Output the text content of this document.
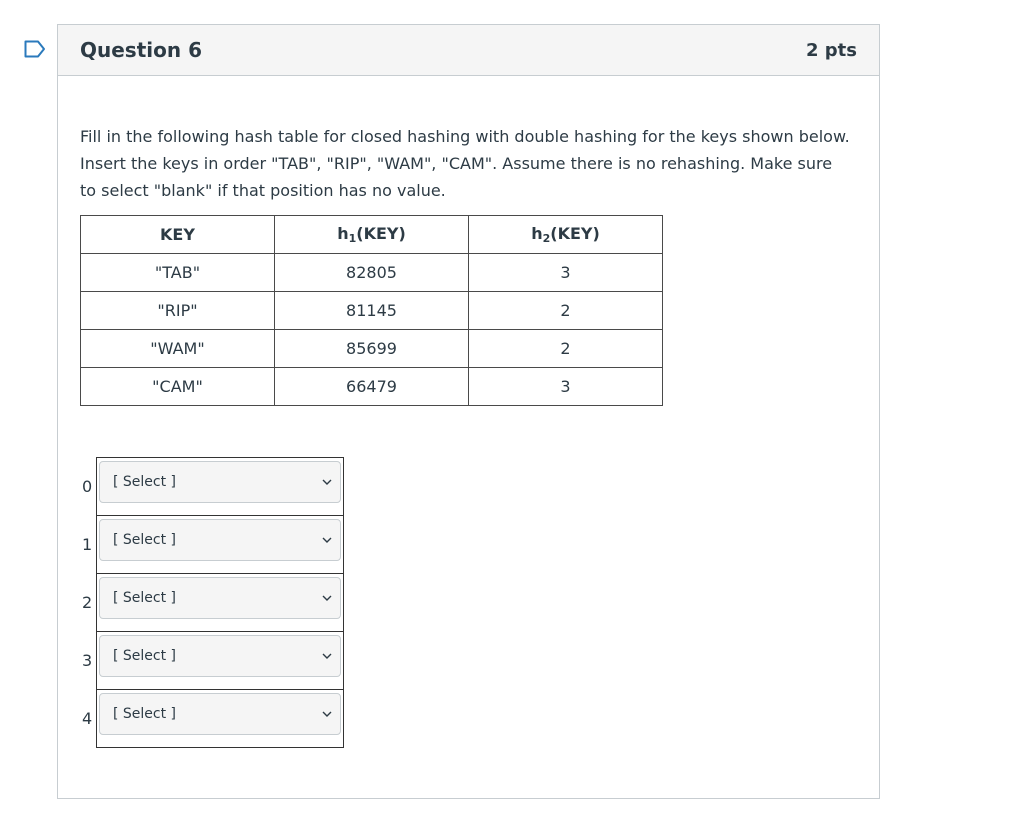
Question 6	2 pts
Fill in the following hash table for closed hashing with double hashing for the keys shown below. Insert the keys in order "TAB", "RIP", "WAM", "CAM". Assume there is no rehashing. Make sure to select "blank" if that position has no value.
KEY	$h_1(KEY)$	$h_2(KEY)$
"TAB"	82805	3
"RIP"	81145	2
"WAM"	85699	2
"CAM"	66479	3
0 [ Select ]
1 [ Select ]
2 [ Select ]
3 [ Select ]
4 [ Select ]
